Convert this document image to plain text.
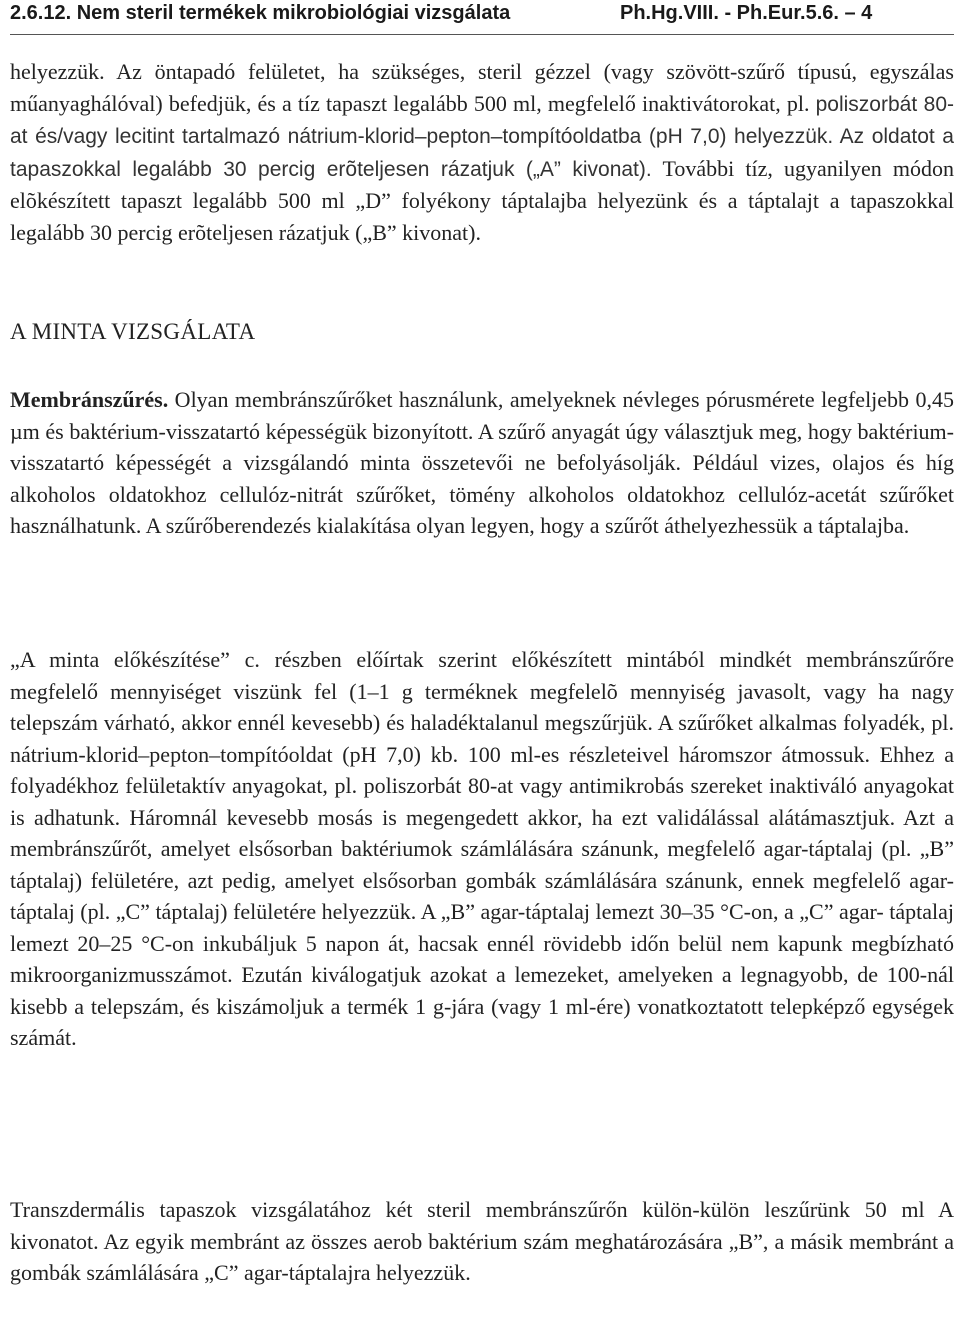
2.6.12. Nem steril termékek mikrobiológiai vizsgálata	Ph.Hg.VIII. - Ph.Eur.5.6. – 4

helyezzük. Az öntapadó felületet, ha szükséges, steril gézzel (vagy szövött-szűrő típusú, egyszálas műanyaghálóval) befedjük, és a tíz tapaszt legalább 500 ml, megfelelő inaktivátorokat, pl. poliszorbát 80-at és/vagy lecitint tartalmazó nátrium-klorid–pepton–tompítóoldatba (pH 7,0) helyezzük. Az oldatot a tapaszokkal legalább 30 percig erõteljesen rázatjuk („A” kivonat). További tíz, ugyanilyen módon elõkészített tapaszt legalább 500 ml „D” folyékony táptalajba helyezünk és a táptalajt a tapaszokkal legalább 30 percig erõteljesen rázatjuk („B” kivonat).

A MINTA VIZSGÁLATA

Membránszűrés. Olyan membránszűrőket használunk, amelyeknek névleges pórusmérete legfeljebb 0,45 µm és baktérium-visszatartó képességük bizonyított. A szűrő anyagát úgy választjuk meg, hogy baktérium-visszatartó képességét a vizsgálandó minta összetevői ne befolyásolják. Például vizes, olajos és híg alkoholos oldatokhoz cellulóz-nitrát szűrőket, tömény alkoholos oldatokhoz cellulóz-acetát szűrőket használhatunk. A szűrőberendezés kialakítása olyan legyen, hogy a szűrőt áthelyezhessük a táptalajba.

„A minta előkészítése” c. részben előírtak szerint előkészített mintából mindkét membránszűrőre megfelelő mennyiséget viszünk fel (1–1 g terméknek megfelelõ mennyiség javasolt, vagy ha nagy telepszám várható, akkor ennél kevesebb) és haladéktalanul megszűrjük. A szűrőket alkalmas folyadék, pl. nátrium-klorid–pepton–tompítóoldat (pH 7,0) kb. 100 ml-es részleteivel háromszor átmossuk. Ehhez a folyadékhoz felületaktív anyagokat, pl. poliszorbát 80-at vagy antimikrobás szereket inaktiváló anyagokat is adhatunk. Háromnál kevesebb mosás is megengedett akkor, ha ezt validálással alátámasztjuk. Azt a membránszűrőt, amelyet elsősorban baktériumok számlálására szánunk, megfelelő agar-táptalaj (pl. „B” táptalaj) felületére, azt pedig, amelyet elsősorban gombák számlálására szánunk, ennek megfelelő agar-táptalaj (pl. „C” táptalaj) felületére helyezzük. A „B” agar-táptalaj lemezt 30–35 °C-on, a „C” agar- táptalaj lemezt 20–25 °C-on inkubáljuk 5 napon át, hacsak ennél rövidebb időn belül nem kapunk megbízható mikroorganizmusszámot. Ezután kiválogatjuk azokat a lemezeket, amelyeken a legnagyobb, de 100-nál kisebb a telepszám, és kiszámoljuk a termék 1 g-jára (vagy 1 ml-ére) vonatkoztatott telepképző egységek számát.

Transzdermális tapaszok vizsgálatához két steril membránszűrőn külön-külön leszűrünk 50 ml A kivonatot. Az egyik membránt az összes aerob baktérium szám meghatározására „B”, a másik membránt a gombák számlálására „C” agar-táptalajra helyezzük.
